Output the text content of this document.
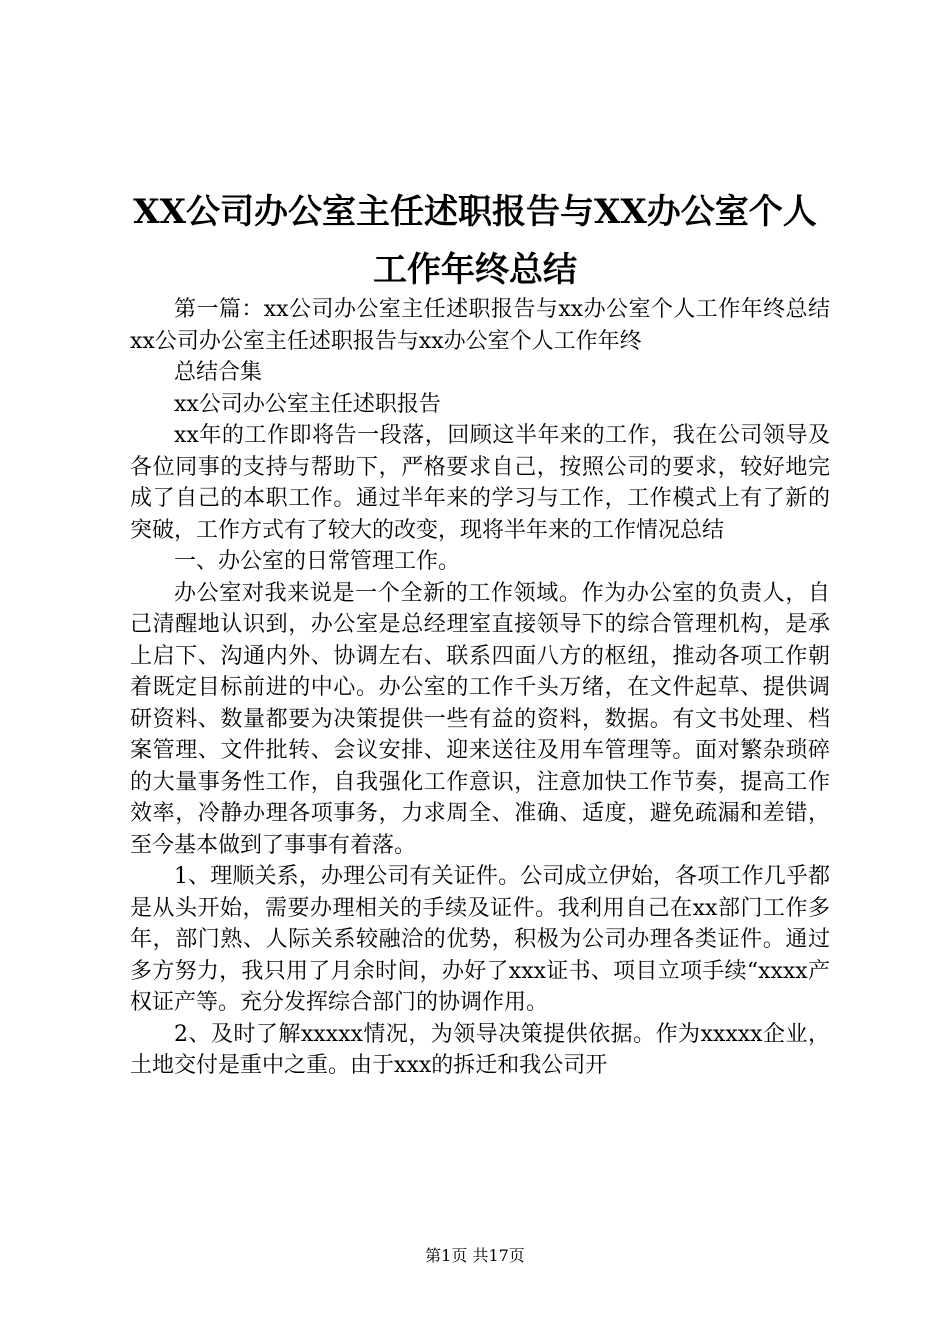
XX公司办公室主任述职报告与XX办公室个人
工作年终总结

第一篇：xx公司办公室主任述职报告与xx办公室个人工作年终总结xx公司办公室主任述职报告与xx办公室个人工作年终

总结合集

xx公司办公室主任述职报告

xx年的工作即将告一段落，回顾这半年来的工作，我在公司领导及各位同事的支持与帮助下，严格要求自己，按照公司的要求，较好地完成了自己的本职工作。通过半年来的学习与工作，工作模式上有了新的突破，工作方式有了较大的改变，现将半年来的工作情况总结

一、办公室的日常管理工作。

办公室对我来说是一个全新的工作领域。作为办公室的负责人，自己清醒地认识到，办公室是总经理室直接领导下的综合管理机构，是承上启下、沟通内外、协调左右、联系四面八方的枢纽，推动各项工作朝着既定目标前进的中心。办公室的工作千头万绪，在文件起草、提供调研资料、数量都要为决策提供一些有益的资料，数据。有文书处理、档案管理、文件批转、会议安排、迎来送往及用车管理等。面对繁杂琐碎的大量事务性工作，自我强化工作意识，注意加快工作节奏，提高工作效率，冷静办理各项事务，力求周全、准确、适度，避免疏漏和差错，至今基本做到了事事有着落。

1、理顺关系，办理公司有关证件。公司成立伊始，各项工作几乎都是从头开始，需要办理相关的手续及证件。我利用自己在xx部门工作多年，部门熟、人际关系较融洽的优势，积极为公司办理各类证件。通过多方努力，我只用了月余时间，办好了xxx证书、项目立项手续“xxxx产权证产等。充分发挥综合部门的协调作用。

2、及时了解xxxxx情况，为领导决策提供依据。作为xxxxx企业，土地交付是重中之重。由于xxx的拆迁和我公司开

第1页 共17页
